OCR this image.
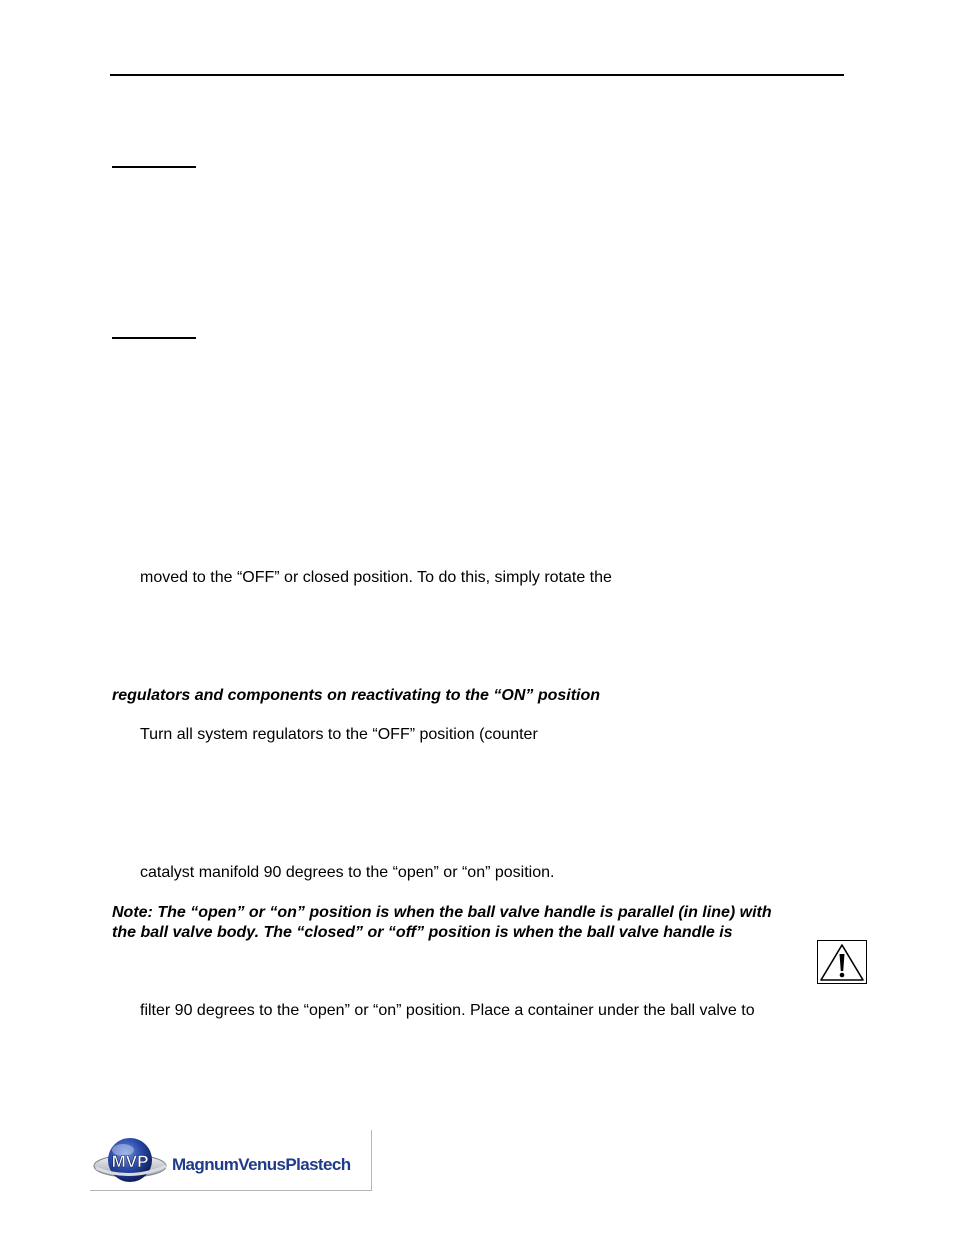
moved to the “OFF” or closed position. To do this, simply rotate the
regulators and components on reactivating to the “ON” position
Turn all system regulators to the “OFF” position (counter
catalyst manifold 90 degrees to the “open” or “on” position.
Note: The “open” or “on” position is when the ball valve handle is parallel (in line) with
the ball valve body. The “closed” or “off” position is when the ball valve handle is
filter 90 degrees to the “open” or “on” position. Place a container under the ball valve to
MVP MagnumVenusPlastech
